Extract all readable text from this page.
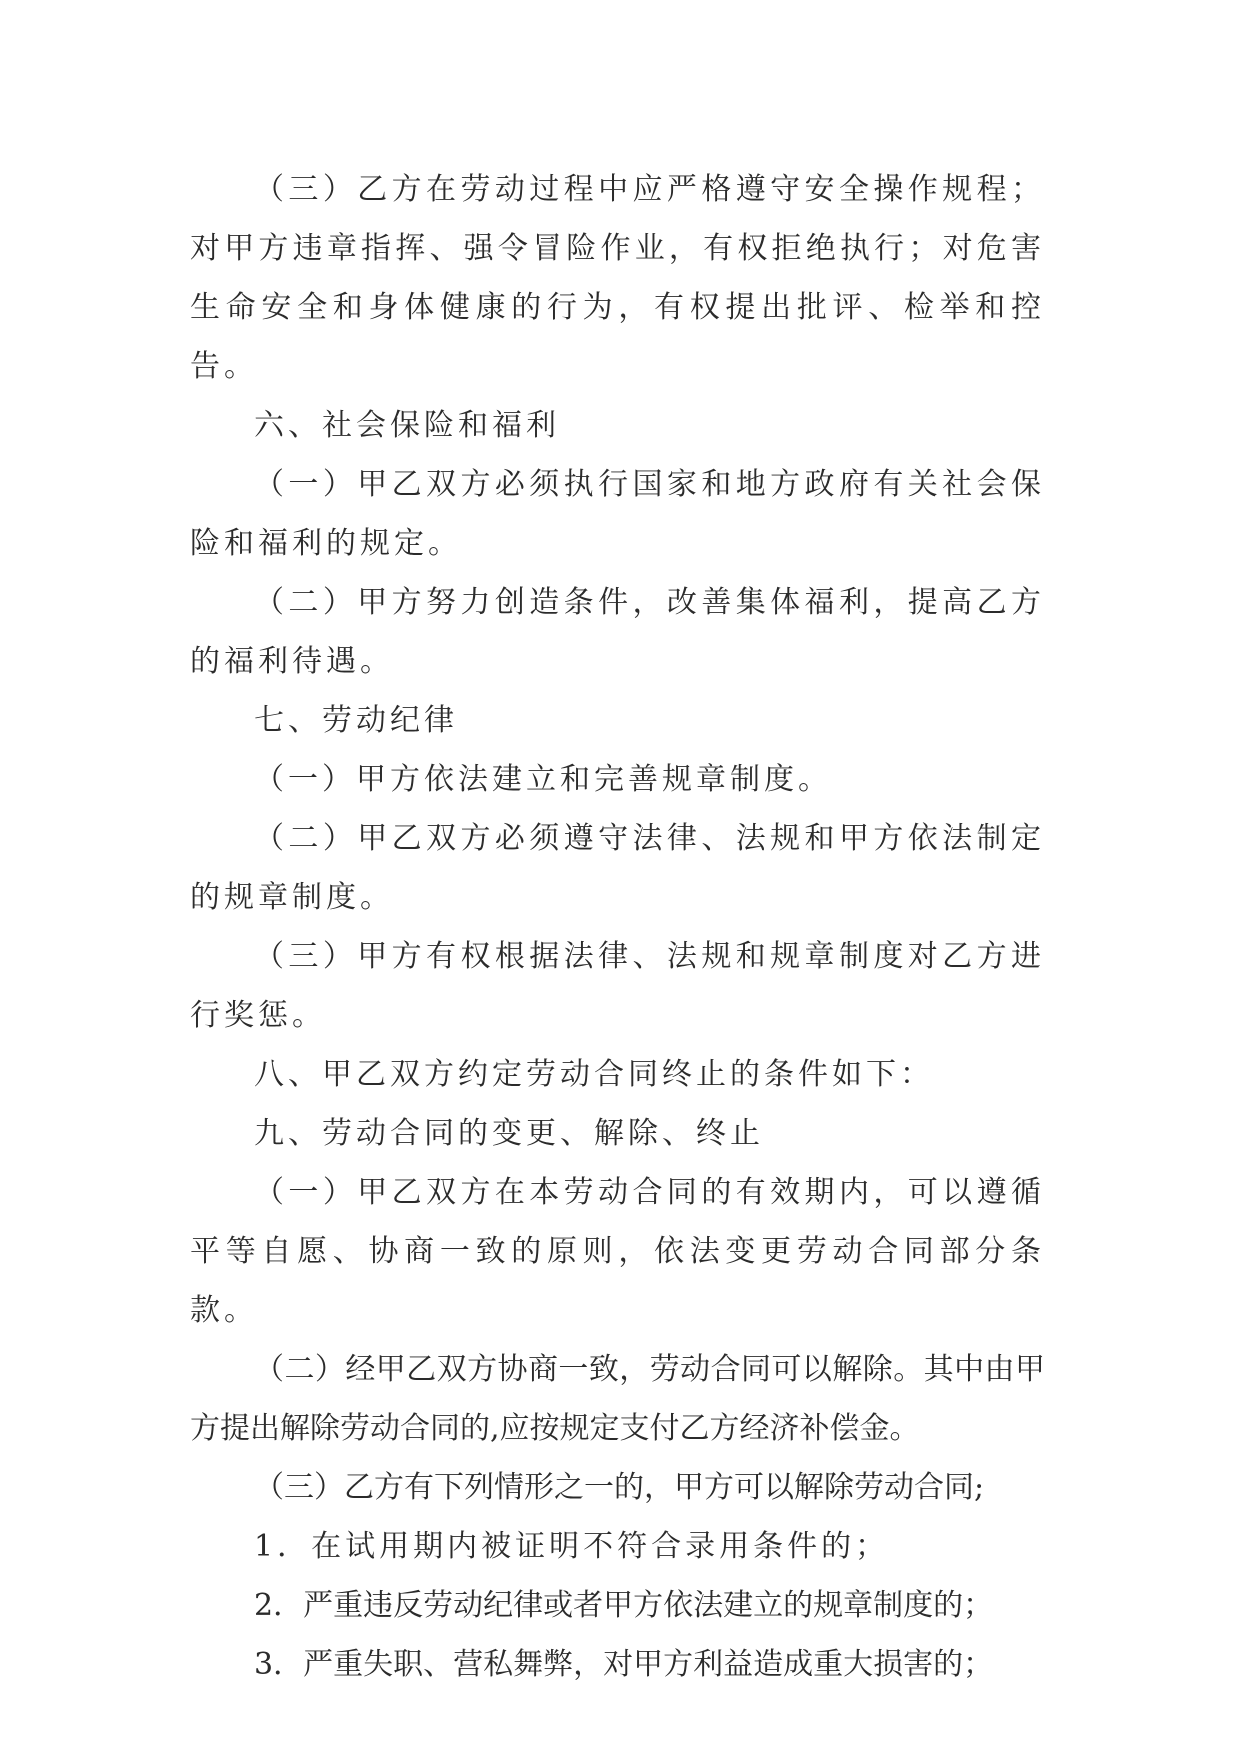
（三）乙方在劳动过程中应严格遵守安全操作规程；对甲方违章指挥、强令冒险作业，有权拒绝执行；对危害生命安全和身体健康的行为，有权提出批评、检举和控告。

六、社会保险和福利

（一）甲乙双方必须执行国家和地方政府有关社会保险和福利的规定。

（二）甲方努力创造条件，改善集体福利，提高乙方的福利待遇。

七、劳动纪律

（一）甲方依法建立和完善规章制度。

（二）甲乙双方必须遵守法律、法规和甲方依法制定的规章制度。

（三）甲方有权根据法律、法规和规章制度对乙方进行奖惩。

八、甲乙双方约定劳动合同终止的条件如下：

九、劳动合同的变更、解除、终止

（一）甲乙双方在本劳动合同的有效期内，可以遵循平等自愿、协商一致的原则，依法变更劳动合同部分条款。

（二）经甲乙双方协商一致，劳动合同可以解除。其中由甲方提出解除劳动合同的,应按规定支付乙方经济补偿金。

（三）乙方有下列情形之一的，甲方可以解除劳动合同;

1．在试用期内被证明不符合录用条件的；

2．严重违反劳动纪律或者甲方依法建立的规章制度的；

3．严重失职、营私舞弊，对甲方利益造成重大损害的；
